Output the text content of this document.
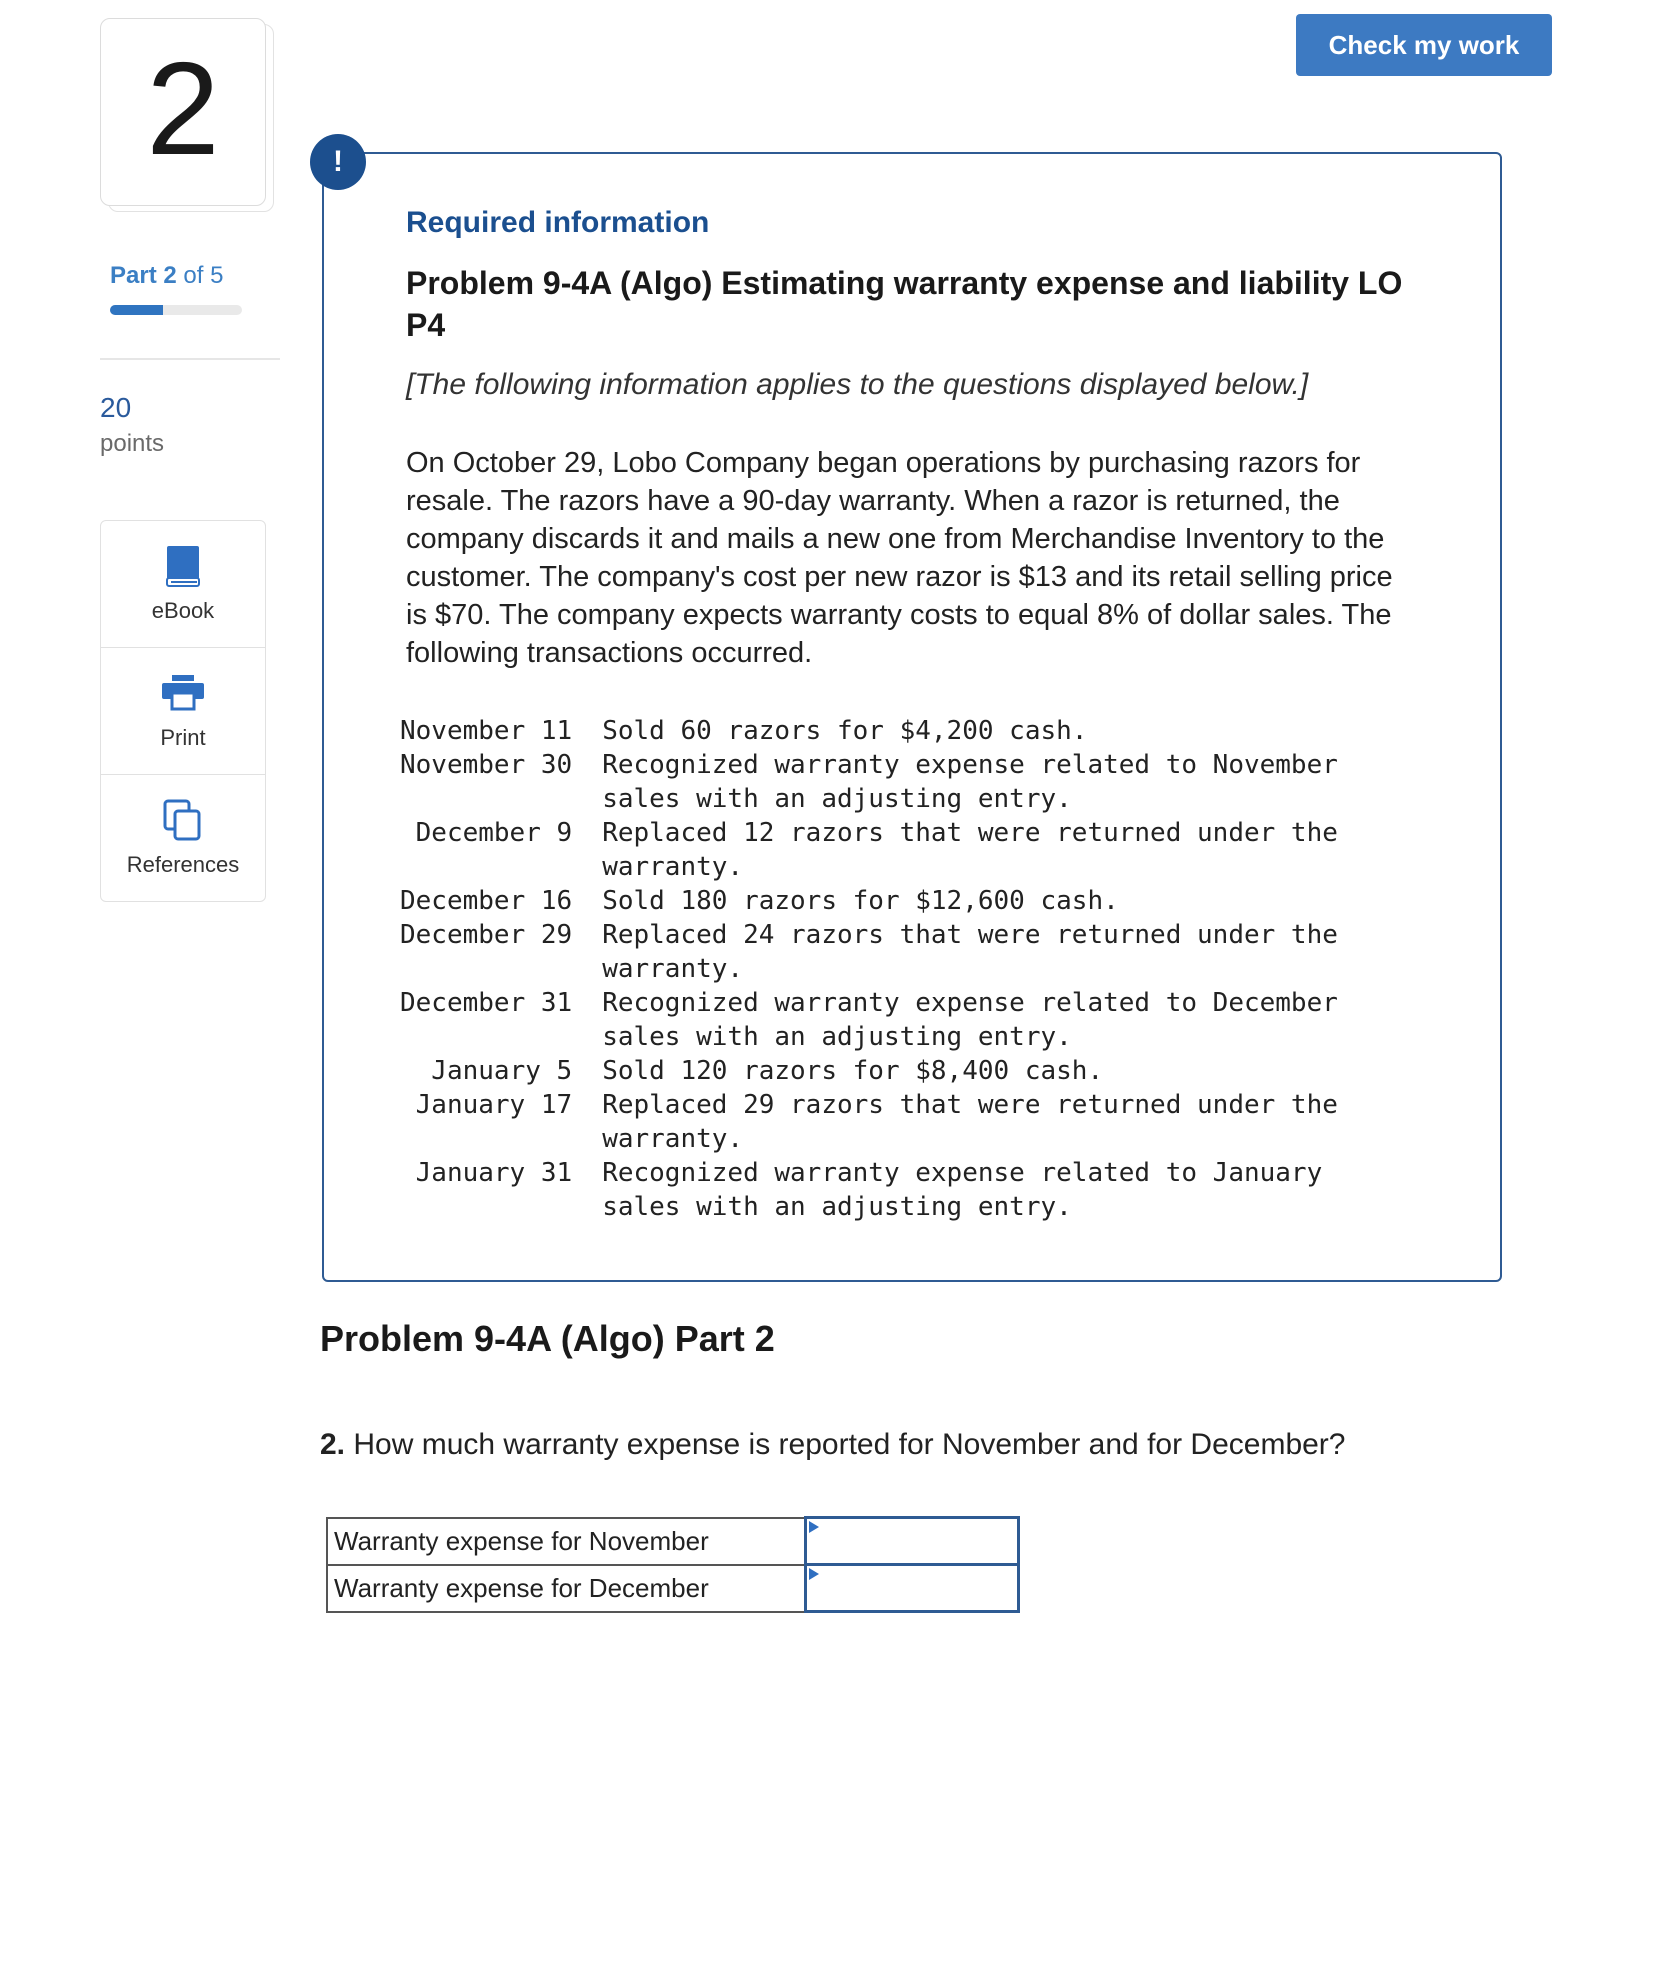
2
Part 2 of 5
20
points
eBook
Print
References
Check my work
!
Required information
Problem 9-4A (Algo) Estimating warranty expense and liability LO P4
[The following information applies to the questions displayed below.]
On October 29, Lobo Company began operations by purchasing razors for resale. The razors have a 90-day warranty. When a razor is returned, the company discards it and mails a new one from Merchandise Inventory to the customer. The company's cost per new razor is $13 and its retail selling price is $70. The company expects warranty costs to equal 8% of dollar sales. The following transactions occurred.
November 11	Sold 60 razors for $4,200 cash.
November 30	Recognized warranty expense related to November sales with an adjusting entry.
December 9	Replaced 12 razors that were returned under the warranty.
December 16	Sold 180 razors for $12,600 cash.
December 29	Replaced 24 razors that were returned under the warranty.
December 31	Recognized warranty expense related to December sales with an adjusting entry.
January 5	Sold 120 razors for $8,400 cash.
January 17	Replaced 29 razors that were returned under the warranty.
January 31	Recognized warranty expense related to January sales with an adjusting entry.
Problem 9-4A (Algo) Part 2
2. How much warranty expense is reported for November and for December?
Warranty expense for November	

Warranty expense for December	
